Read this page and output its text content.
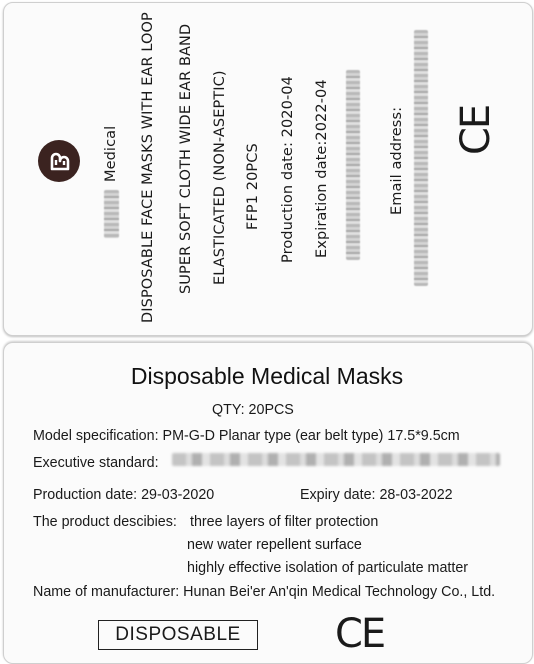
Medical DISPOSABLE FACE MASKS WITH EAR LOOP SUPER SOFT CLOTH WIDE EAR BAND ELASTICATED (NON-ASEPTIC) FFP1 20PCS Production date: 2020-04 Expiration date:2022-04	Email address: CE
Disposable Medical Masks
QTY: 20PCS
Model specification: PM-G-D Planar type (ear belt type) 17.5*9.5cm
Executive standard:
Production date: 29-03-2020	Expiry date: 28-03-2022
The product descibies: three layers of filter protection
new water repellent surface
highly effective isolation of particulate matter
Name of manufacturer: Hunan Bei'er An'qin Medical Technology Co., Ltd.
DISPOSABLE	CE
